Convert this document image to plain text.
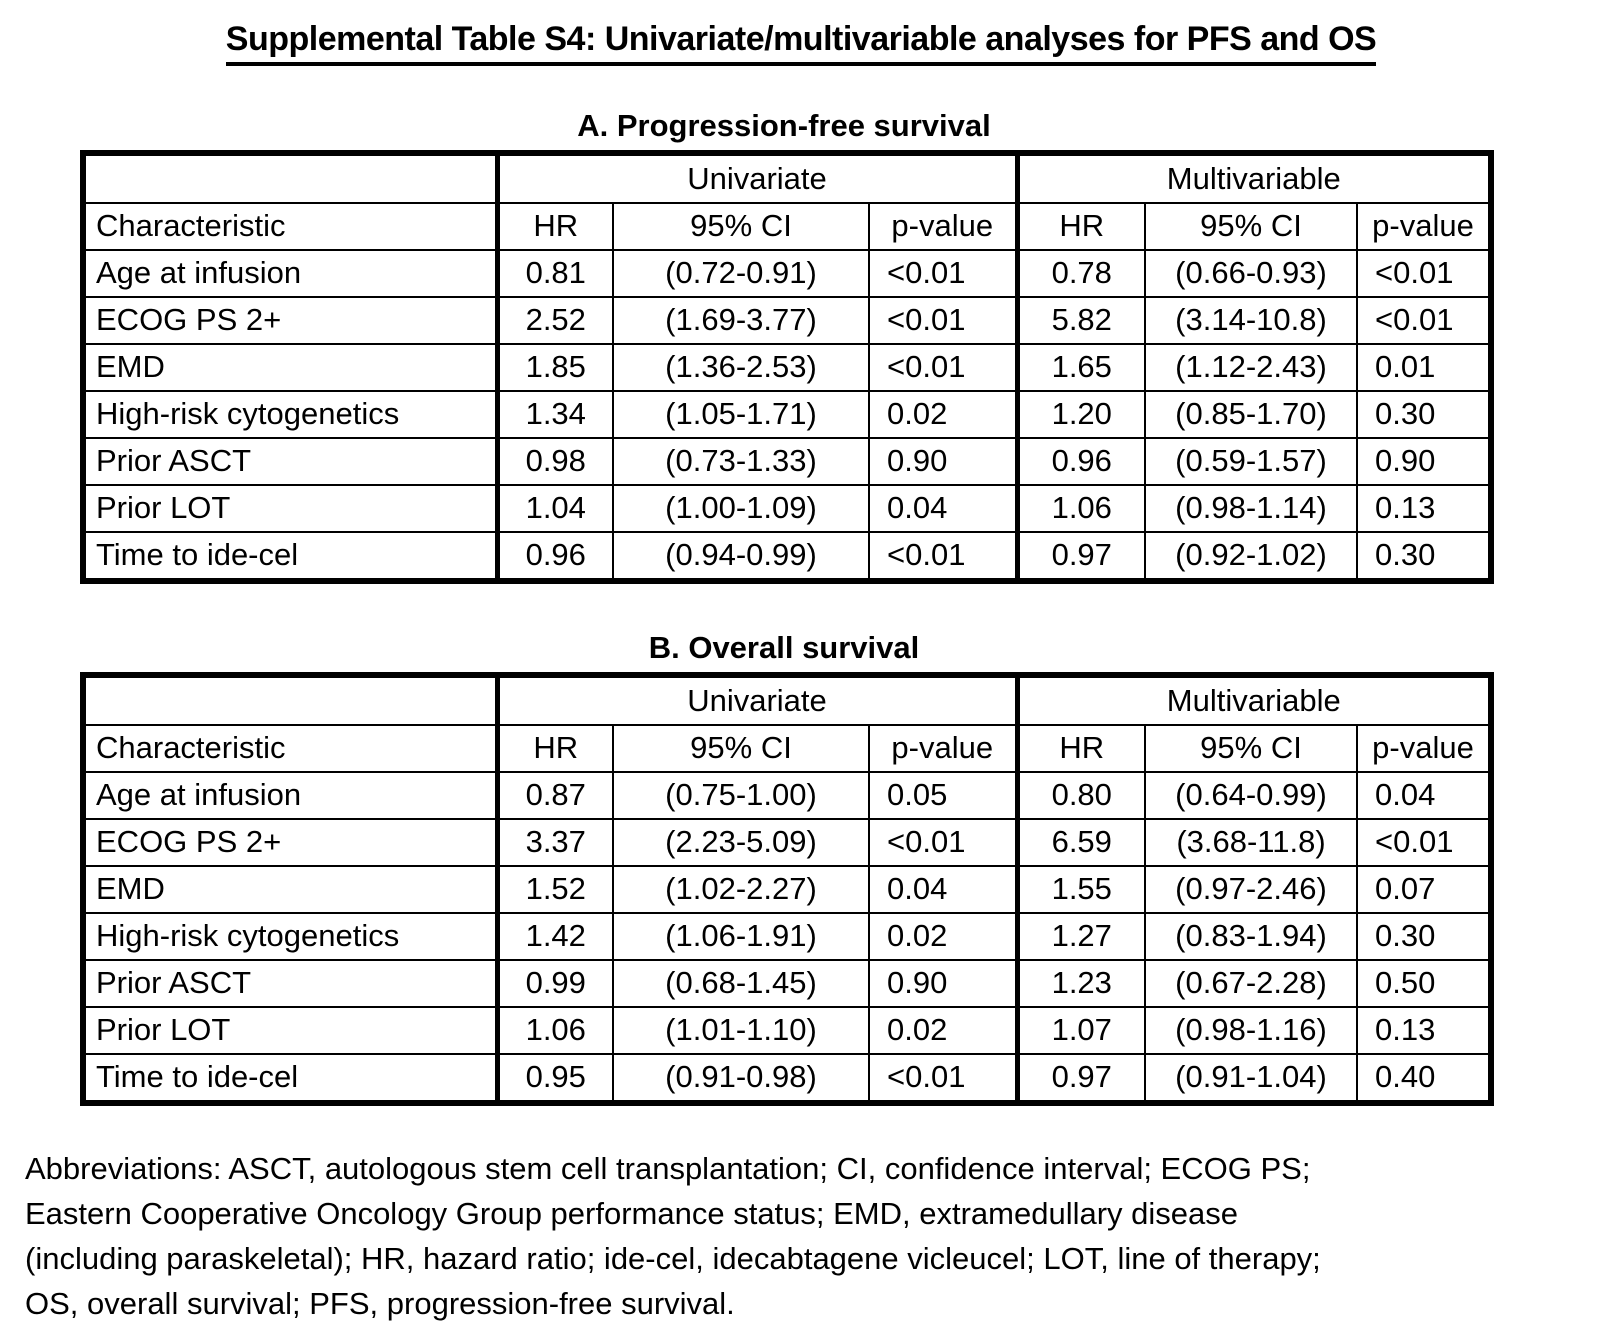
Supplemental Table S4: Univariate/multivariable analyses for PFS and OS
A. Progression-free survival
	Univariate			Multivariable		
Characteristic	HR	95% CI	p-value	HR	95% CI	p-value
Age at infusion	0.81	(0.72-0.91)	<0.01	0.78	(0.66-0.93)	<0.01
ECOG PS 2+	2.52	(1.69-3.77)	<0.01	5.82	(3.14-10.8)	<0.01
EMD	1.85	(1.36-2.53)	<0.01	1.65	(1.12-2.43)	0.01
High-risk cytogenetics	1.34	(1.05-1.71)	0.02	1.20	(0.85-1.70)	0.30
Prior ASCT	0.98	(0.73-1.33)	0.90	0.96	(0.59-1.57)	0.90
Prior LOT	1.04	(1.00-1.09)	0.04	1.06	(0.98-1.14)	0.13
Time to ide-cel	0.96	(0.94-0.99)	<0.01	0.97	(0.92-1.02)	0.30
B. Overall survival
	Univariate			Multivariable		
Characteristic	HR	95% CI	p-value	HR	95% CI	p-value
Age at infusion	0.87	(0.75-1.00)	0.05	0.80	(0.64-0.99)	0.04
ECOG PS 2+	3.37	(2.23-5.09)	<0.01	6.59	(3.68-11.8)	<0.01
EMD	1.52	(1.02-2.27)	0.04	1.55	(0.97-2.46)	0.07
High-risk cytogenetics	1.42	(1.06-1.91)	0.02	1.27	(0.83-1.94)	0.30
Prior ASCT	0.99	(0.68-1.45)	0.90	1.23	(0.67-2.28)	0.50
Prior LOT	1.06	(1.01-1.10)	0.02	1.07	(0.98-1.16)	0.13
Time to ide-cel	0.95	(0.91-0.98)	<0.01	0.97	(0.91-1.04)	0.40
Abbreviations: ASCT, autologous stem cell transplantation; CI, confidence interval; ECOG PS;
Eastern Cooperative Oncology Group performance status; EMD, extramedullary disease
(including paraskeletal); HR, hazard ratio; ide-cel, idecabtagene vicleucel; LOT, line of therapy;
OS, overall survival; PFS, progression-free survival.
